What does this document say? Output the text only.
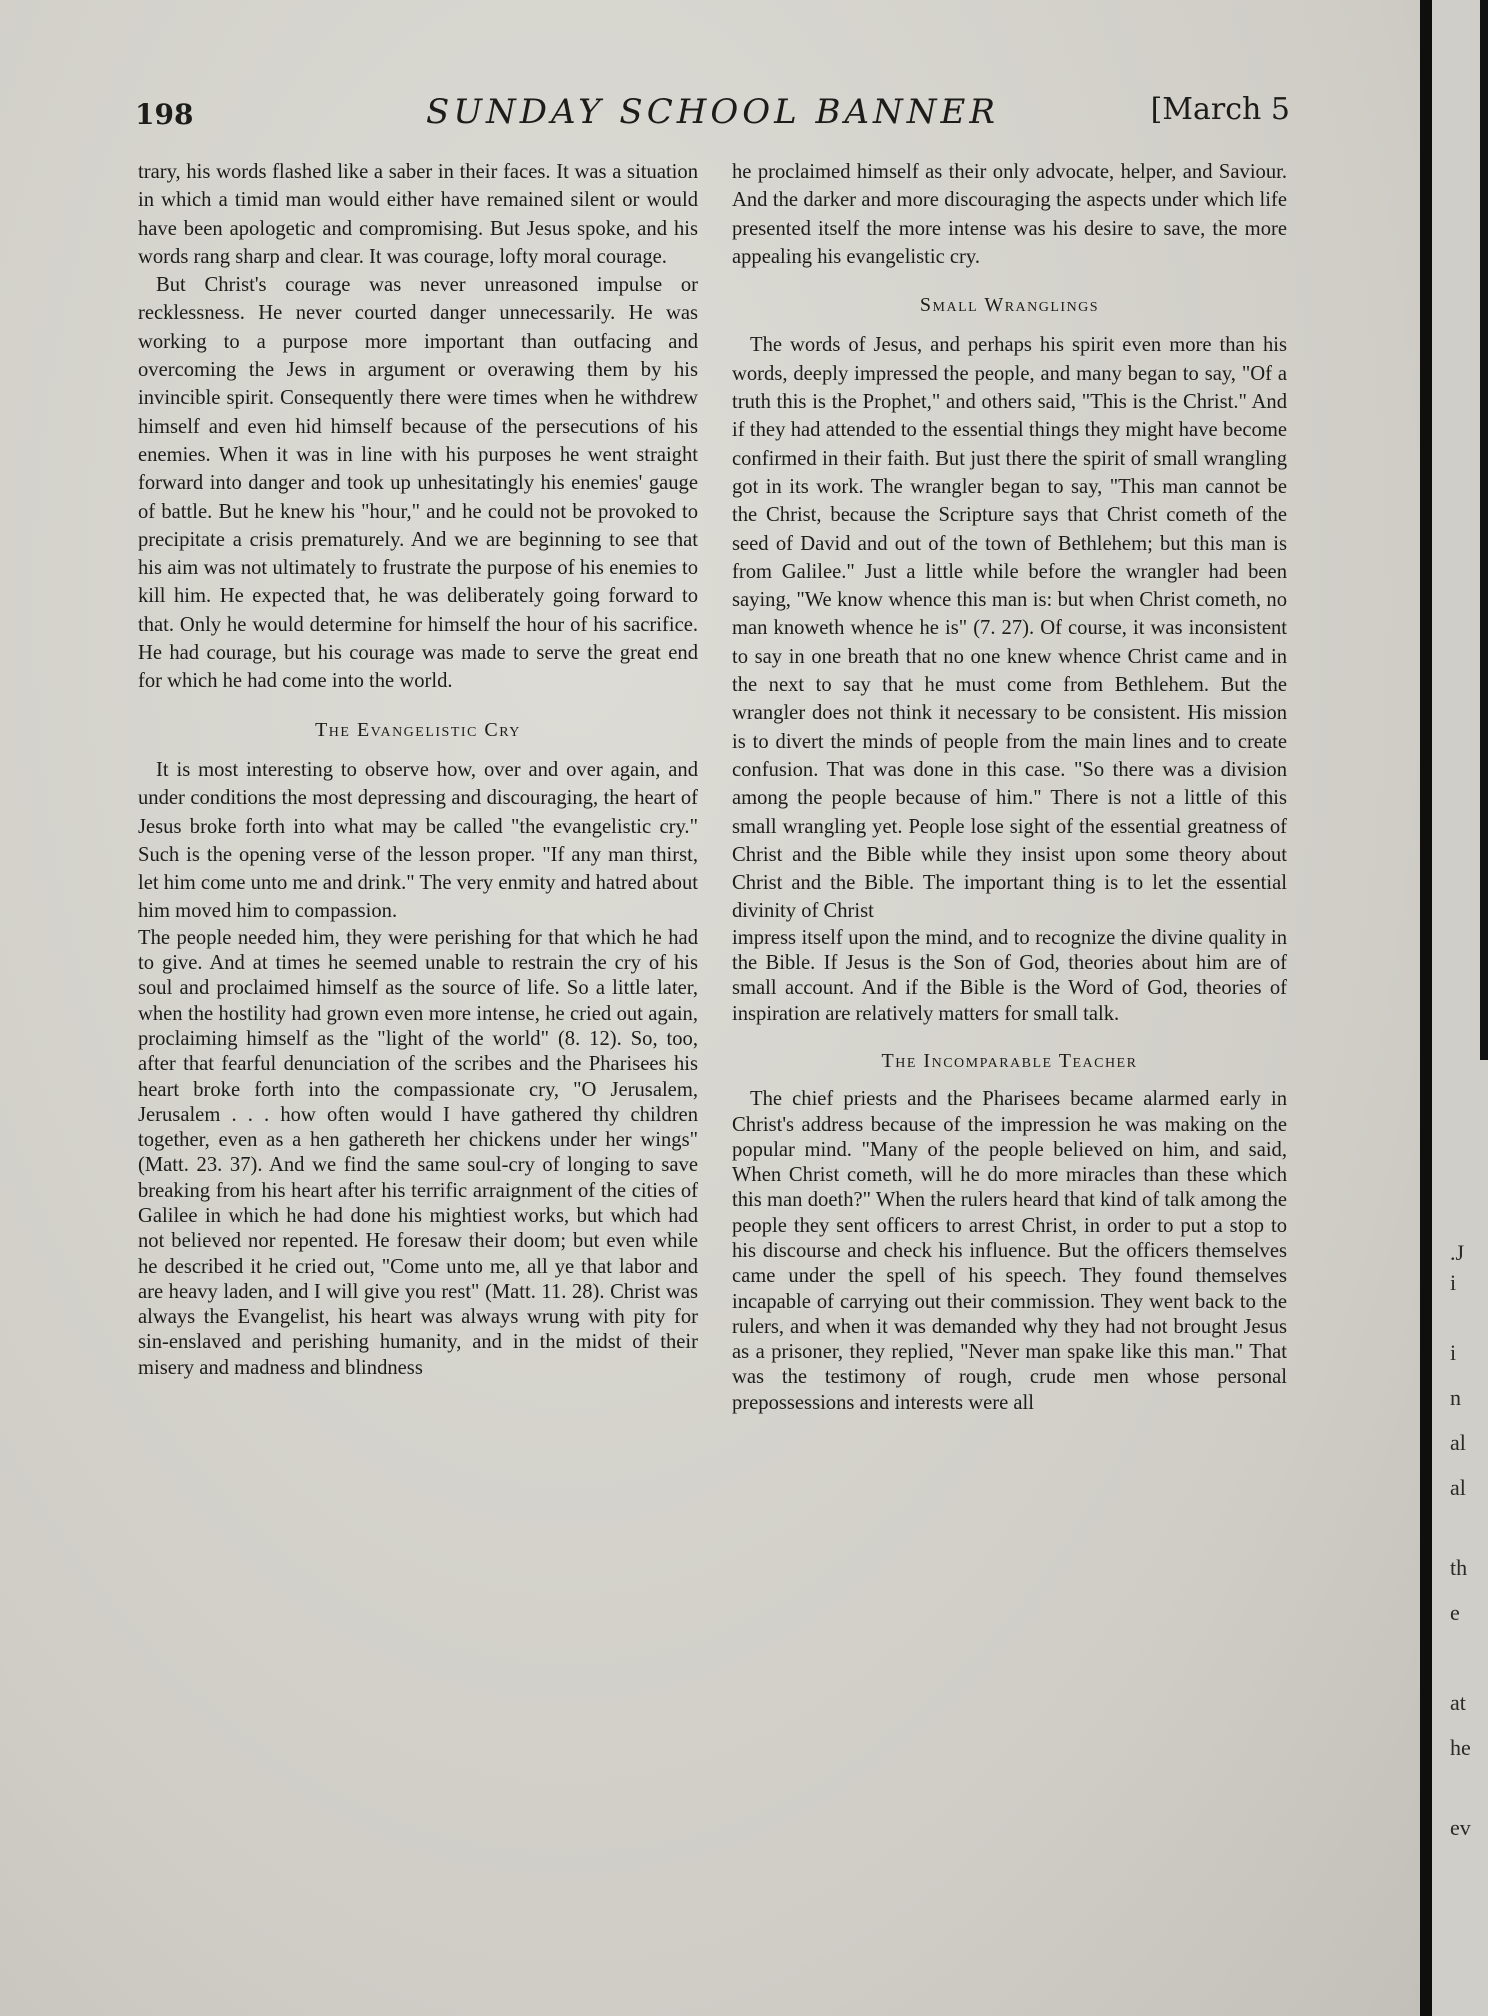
198	SUNDAY SCHOOL BANNER	[March 5

trary, his words flashed like a saber in their faces. It was a situation in which a timid man would either have remained silent or would have been apologetic and compromising. But Jesus spoke, and his words rang sharp and clear. It was courage, lofty moral courage.

But Christ's courage was never unreasoned impulse or recklessness. He never courted danger unnecessarily. He was working to a purpose more important than outfacing and overcoming the Jews in argument or overawing them by his invincible spirit. Consequently there were times when he withdrew himself and even hid himself because of the persecutions of his enemies. When it was in line with his purposes he went straight forward into danger and took up unhesitatingly his enemies' gauge of battle. But he knew his "hour," and he could not be provoked to precipitate a crisis prematurely. And we are beginning to see that his aim was not ultimately to frustrate the purpose of his enemies to kill him. He expected that, he was deliberately going forward to that. Only he would determine for himself the hour of his sacrifice. He had courage, but his courage was made to serve the great end for which he had come into the world.

The Evangelistic Cry

It is most interesting to observe how, over and over again, and under conditions the most depressing and discouraging, the heart of Jesus broke forth into what may be called "the evangelistic cry." Such is the opening verse of the lesson proper. "If any man thirst, let him come unto me and drink." The very enmity and hatred about him moved him to compassion.

The people needed him, they were perishing for that which he had to give. And at times he seemed unable to restrain the cry of his soul and proclaimed himself as the source of life. So a little later, when the hostility had grown even more intense, he cried out again, proclaiming himself as the "light of the world" (8. 12). So, too, after that fearful denunciation of the scribes and the Pharisees his heart broke forth into the compassionate cry, "O Jerusalem, Jerusalem . . . how often would I have gathered thy children together, even as a hen gathereth her chickens under her wings" (Matt. 23. 37). And we find the same soul-cry of longing to save breaking from his heart after his terrific arraignment of the cities of Galilee in which he had done his mightiest works, but which had not believed nor repented. He foresaw their doom; but even while he described it he cried out, "Come unto me, all ye that labor and are heavy laden, and I will give you rest" (Matt. 11. 28). Christ was always the Evangelist, his heart was always wrung with pity for sin-enslaved and perishing humanity, and in the midst of their misery and madness and blindness

he proclaimed himself as their only advocate, helper, and Saviour. And the darker and more discouraging the aspects under which life presented itself the more intense was his desire to save, the more appealing his evangelistic cry.

Small Wranglings

The words of Jesus, and perhaps his spirit even more than his words, deeply impressed the people, and many began to say, "Of a truth this is the Prophet," and others said, "This is the Christ." And if they had attended to the essential things they might have become confirmed in their faith. But just there the spirit of small wrangling got in its work. The wrangler began to say, "This man cannot be the Christ, because the Scripture says that Christ cometh of the seed of David and out of the town of Bethlehem; but this man is from Galilee." Just a little while before the wrangler had been saying, "We know whence this man is: but when Christ cometh, no man knoweth whence he is" (7. 27). Of course, it was inconsistent to say in one breath that no one knew whence Christ came and in the next to say that he must come from Bethlehem. But the wrangler does not think it necessary to be consistent. His mission is to divert the minds of people from the main lines and to create confusion. That was done in this case. "So there was a division among the people because of him." There is not a little of this small wrangling yet. People lose sight of the essential greatness of Christ and the Bible while they insist upon some theory about Christ and the Bible. The important thing is to let the essential divinity of Christ

impress itself upon the mind, and to recognize the divine quality in the Bible. If Jesus is the Son of God, theories about him are of small account. And if the Bible is the Word of God, theories of inspiration are relatively matters for small talk.

The Incomparable Teacher

The chief priests and the Pharisees became alarmed early in Christ's address because of the impression he was making on the popular mind. "Many of the people believed on him, and said, When Christ cometh, will he do more miracles than these which this man doeth?" When the rulers heard that kind of talk among the people they sent officers to arrest Christ, in order to put a stop to his discourse and check his influence. But the officers themselves came under the spell of his speech. They found themselves incapable of carrying out their commission. They went back to the rulers, and when it was demanded why they had not brought Jesus as a prisoner, they replied, "Never man spake like this man." That was the testimony of rough, crude men whose personal prepossessions and interests were all

.J
i
i
n
al
al
th
e
at
he
ev
